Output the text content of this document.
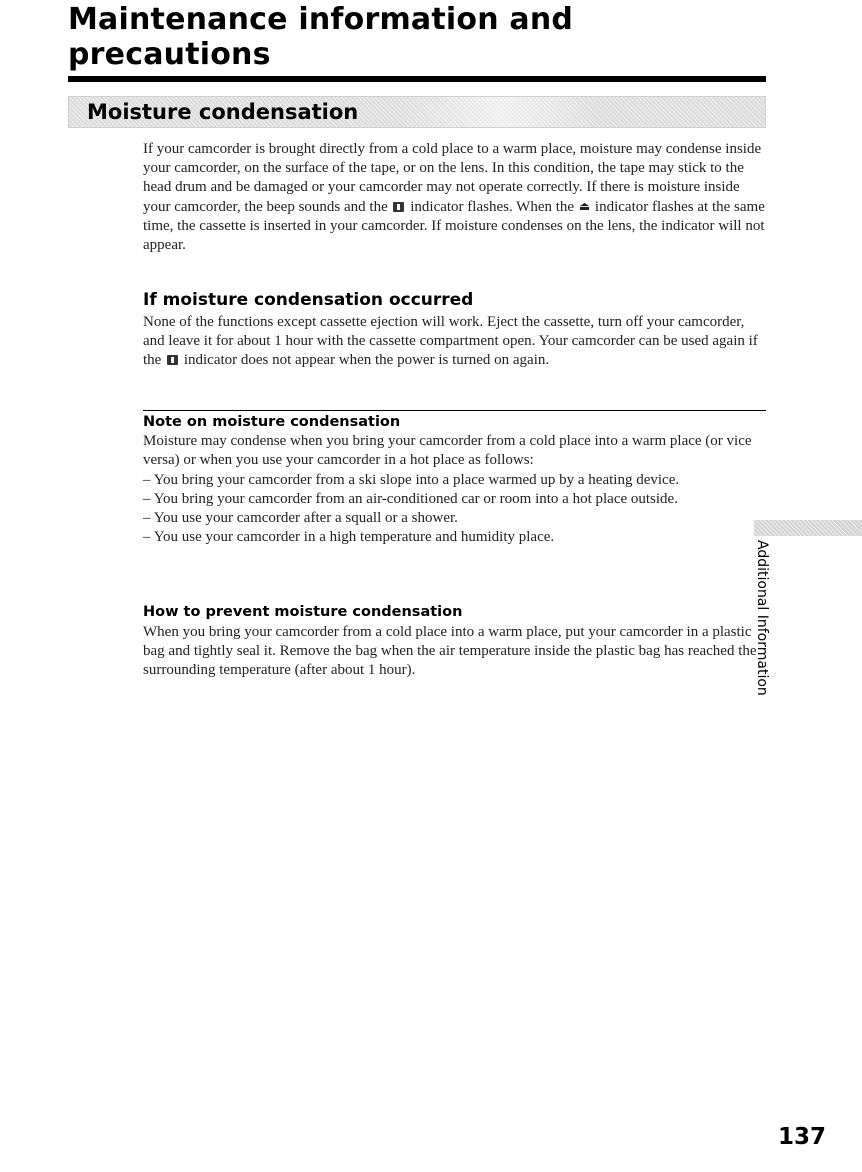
Maintenance information and precautions
Moisture condensation

If your camcorder is brought directly from a cold place to a warm place, moisture may condense inside your camcorder, on the surface of the tape, or on the lens. In this condition, the tape may stick to the head drum and be damaged or your camcorder may not operate correctly. If there is moisture inside your camcorder, the beep sounds and the indicator flashes. When the ⏏ indicator flashes at the same time, the cassette is inserted in your camcorder. If moisture condenses on the lens, the indicator will not appear.

If moisture condensation occurred

None of the functions except cassette ejection will work. Eject the cassette, turn off your camcorder, and leave it for about 1 hour with the cassette compartment open. Your camcorder can be used again if the indicator does not appear when the power is turned on again.

Note on moisture condensation

Moisture may condense when you bring your camcorder from a cold place into a warm place (or vice versa) or when you use your camcorder in a hot place as follows:

– You bring your camcorder from a ski slope into a place warmed up by a heating device.
– You bring your camcorder from an air-conditioned car or room into a hot place outside.
– You use your camcorder after a squall or a shower.
– You use your camcorder in a high temperature and humidity place.
How to prevent moisture condensation

When you bring your camcorder from a cold place into a warm place, put your camcorder in a plastic bag and tightly seal it. Remove the bag when the air temperature inside the plastic bag has reached the surrounding temperature (after about 1 hour).	Additional Information
137
